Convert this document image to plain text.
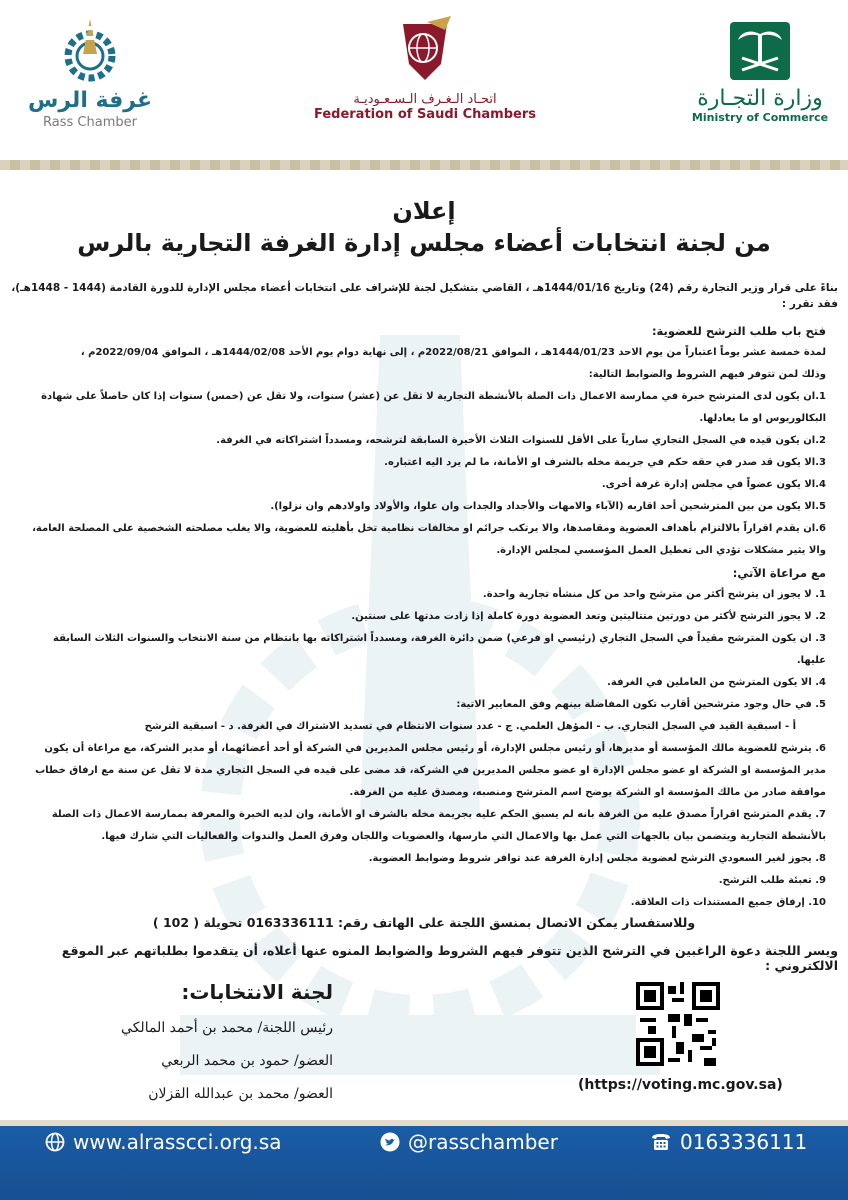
غرفة الرس
Rass Chamber
اتحـاد الـغـرف الـسـعـوديـة
Federation of Saudi Chambers
وزارة التجـارة
Ministry of Commerce
إعلان
من لجنة انتخابات أعضاء مجلس إدارة الغرفة التجارية بالرس
بناءً على قرار وزير التجارة رقم (24) وتاريخ 1444/01/16هـ ، القاضي بتشكيل لجنة للإشراف على انتخابات أعضاء مجلس الإدارة للدورة القادمة (1444 - 1448هـ)، فقد تقرر :
فتح باب طلب الترشح للعضوية:
لمدة خمسة عشر يوماً اعتباراً من يوم الاحد 1444/01/23هـ ، الموافق 2022/08/21م ، إلى نهاية دوام يوم الأحد 1444/02/08هـ ، الموافق 2022/09/04م ،
وذلك لمن تتوفر فيهم الشروط والضوابط التالية:
1.ان يكون لدى المترشح خبرة في ممارسة الاعمال ذات الصلة بالأنشطة التجارية لا تقل عن (عشر) سنوات، ولا تقل عن (خمس) سنوات إذا كان حاصلاً على شهادة البكالوريوس او ما يعادلها.
2.ان يكون قيده في السجل التجاري سارياً على الأقل للسنوات الثلاث الأخيرة السابقة لترشحه، ومسدداً اشتراكاته في الغرفة.
3.الا يكون قد صدر في حقه حكم في جريمة مخله بالشرف او الأمانة، ما لم يرد اليه اعتباره.
4.الا يكون عضواً في مجلس إدارة غرفة أخرى.
5.الا يكون من بين المترشحين أحد اقاربه (الآباء والامهات والأجداد والجدات وان علوا، والأولاد واولادهم وان نزلوا).
6.ان يقدم اقراراً بالالتزام بأهداف العضوية ومقاصدها، والا يرتكب جرائم او مخالفات نظامية تخل بأهليته للعضوية، والا يغلب مصلحته الشخصية على المصلحة العامة، والا يثير مشكلات تؤدي الى تعطيل العمل المؤسسي لمجلس الإدارة.
مع مراعاة الآتي:
1. لا يجوز ان يترشح أكثر من مترشح واحد من كل منشأه تجارية واحدة.
2. لا يجوز الترشح لأكثر من دورتين متتاليتين وتعد العضوية دورة كاملة إذا زادت مدتها على سنتين.
3. ان يكون المترشح مقيداً في السجل التجاري (رئيسي او فرعي) ضمن دائرة الغرفة، ومسدداً اشتراكاته بها بانتظام من سنة الانتخاب والسنوات الثلاث السابقة عليها.
4. الا يكون المترشح من العاملين في الغرفة.
5. في حال وجود مترشحين أقارب تكون المفاضلة بينهم وفق المعايير الاتية:
أ - اسبقية القيد في السجل التجاري. ب - المؤهل العلمي. ج - عدد سنوات الانتظام في تسديد الاشتراك في الغرفة. د - اسبقية الترشح
6. يترشح للعضوية مالك المؤسسة أو مديرها، أو رئيس مجلس الإدارة، أو رئيس مجلس المديرين في الشركة أو أحد أعضائهما، أو مدير الشركة، مع مراعاة أن يكون مدير المؤسسة او الشركة او عضو مجلس الإدارة او عضو مجلس المديرين في الشركة، قد مضى على قيده في السجل التجاري مدة لا تقل عن سنة مع ارفاق خطاب موافقة صادر من مالك المؤسسة او الشركة يوضح اسم المترشح ومنصبه، ومصدق عليه من الغرفة.
7. يقدم المترشح اقراراً مصدق عليه من الغرفة بانه لم يسبق الحكم عليه بجريمة مخله بالشرف او الأمانة، وان لديه الخبرة والمعرفة بممارسة الاعمال ذات الصلة بالأنشطة التجارية ويتضمن بيان بالجهات التي عمل بها والاعمال التي مارسها، والعضويات واللجان وفرق العمل والندوات والفعاليات التي شارك فيها.
8. يجوز لغير السعودي الترشح لعضوية مجلس إدارة الغرفة عند توافر شروط وضوابط العضوية.
9. تعبئة طلب الترشح.
10. إرفاق جميع المستندات ذات العلاقة.
وللاستفسار يمكن الاتصال بمنسق اللجنة على الهاتف رقم: 0163336111 تحويلة ( 102 )
ويسر اللجنة دعوة الراغبين في الترشح الذين تتوفر فيهم الشروط والضوابط المنوه عنها أعلاه، أن يتقدموا بطلباتهم عبر الموقع الالكتروني :
لجنة الانتخابات:
رئيس اللجنة/ محمد بن أحمد المالكي
العضو/ حمود بن محمد الربعي
العضو/ محمد بن عبدالله القزلان
(https://voting.mc.gov.sa)
www.alrasscci.org.sa	@rasschamber	0163336111
